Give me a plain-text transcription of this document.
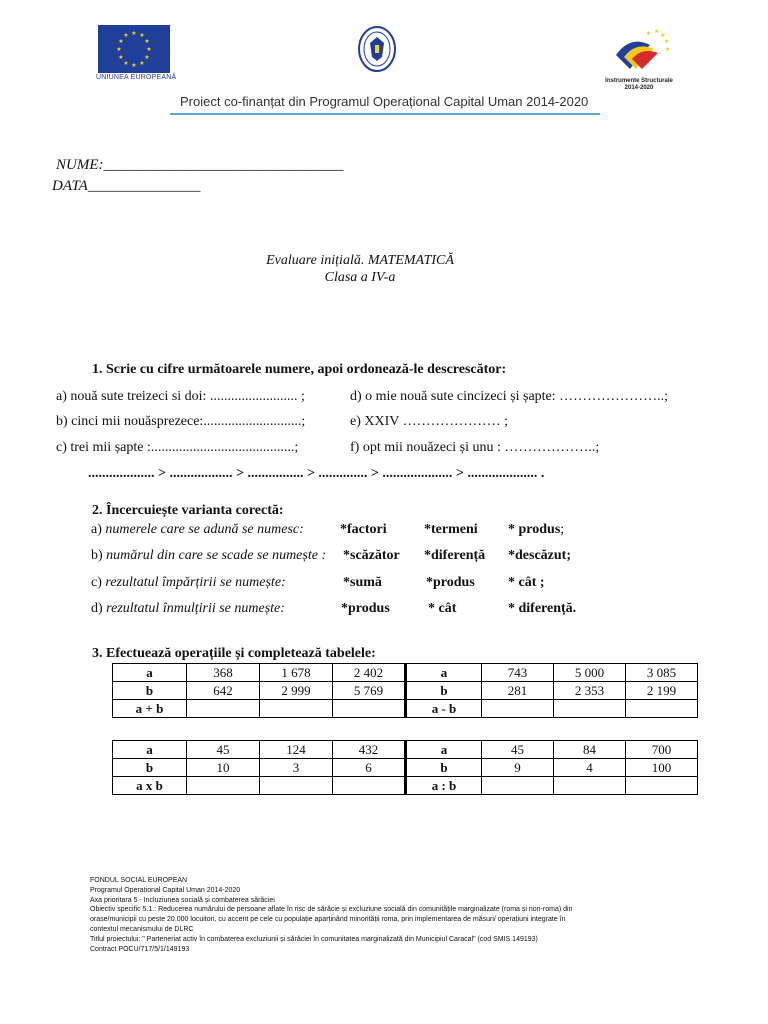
★ ★
★
★
★
★
★
★
★
★
★
★
UNIUNEA EUROPEANĂ
★ ★
★
★
★
Instrumente Structurale
2014-2020
Proiect co-finanțat din Programul Operațional Capital Uman 2014-2020
NUME:________________________________
DATA_______________
Evaluare inițială. MATEMATICĂ
Clasa a IV-a
1. Scrie cu cifre următoarele numere, apoi ordonează-le descrescător:
a) nouă sute treizeci si doi: ......................... ;	d) o mie nouă sute cincizeci și șapte: …………………..;
b) cinci mii nouăsprezece:............................;	e) XXIV ………………… ;
c) trei mii șapte :.........................................;	f) opt mii nouăzeci și unu : ………………..;
................... > .................. > ................ > .............. > .................... > .................... .
2. Încercuiește varianta corectă:
a) numerele care se adună se numesc:	*factori	*termeni * produs;
b) numărul din care se scade se numește : *scăzător *diferență *descăzut;
c) rezultatul împărțirii se numește:	*sumă	*produs * cât ;
d) rezultatul înmulțirii se numește:	*produs	* cât	* diferență.
3. Efectuează operațiile și completează tabelele:
a	368	1 678	2 402	a	743	5 000	3 085
b	642	2 999	5 769	b	281	2 353	2 199
a + b				a - b			
a	45	124	432	a	45	84	700
b	10	3	6	b	9	4	100
a x b				a : b			
FONDUL SOCIAL EUROPEAN
Programul Operațional Capital Uman 2014-2020
Axa prioritara 5 - Incluziunea socială și combaterea sărăciei
Obiectiv specific 5.1.: Reducerea numărului de persoane aflate în risc de sărăcie și excluziune socială din comunitățile marginalizate (roma și non-roma) din
orase/municipii cu peste 20.000 locuitori, cu accent pe cele cu populație aparținând minorității roma, prin implementarea de măsuri/ operațiuni integrate în
contextul mecanismului de DLRC
Titlul proiectului: " Parteneriat activ în combaterea excluziunii și sărăciei în comunitatea marginalizată din Municipiul Caracal" (cod SMIS 149193)
Contract POCU/717/5/1/149193
